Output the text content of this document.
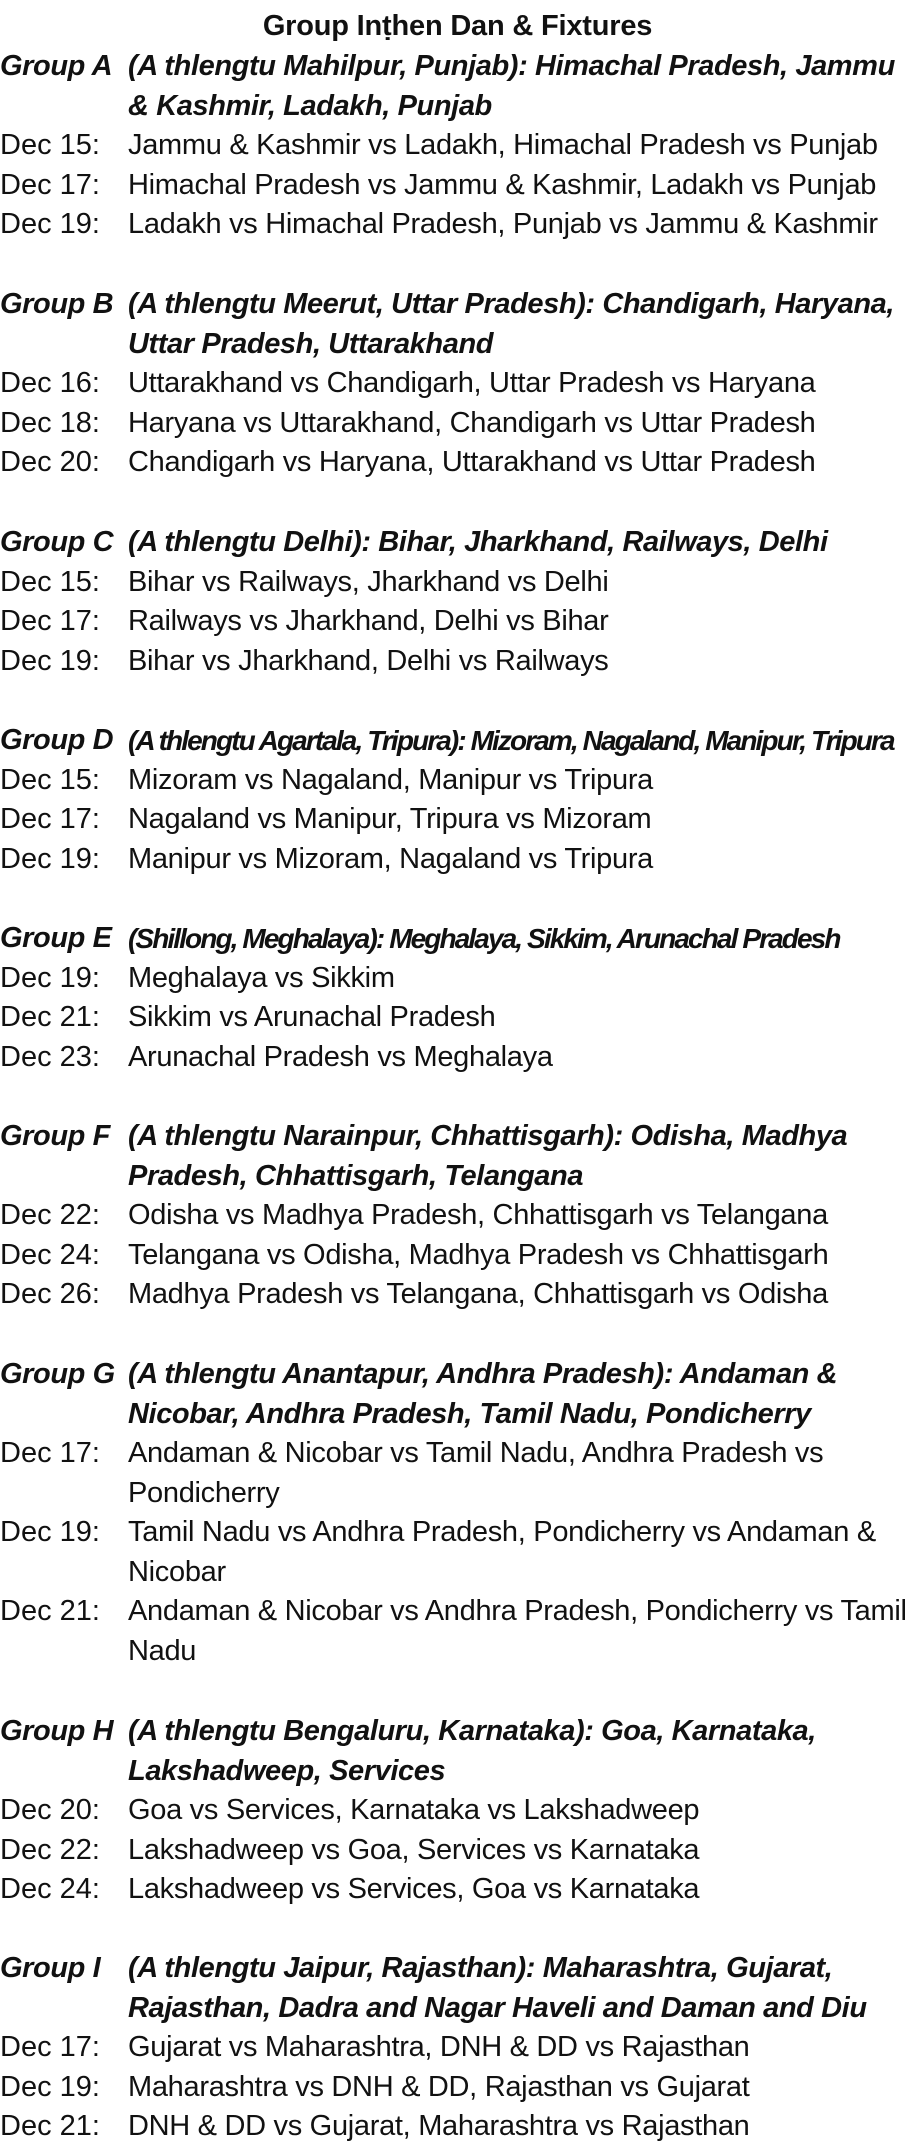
Group Inṭhen Dan & Fixtures
Group A (A thlengtu Mahilpur, Punjab): Himachal Pradesh, Jammu & Kashmir, Ladakh, Punjab
Dec 15: Jammu & Kashmir vs Ladakh, Himachal Pradesh vs Punjab
Dec 17: Himachal Pradesh vs Jammu & Kashmir, Ladakh vs Punjab
Dec 19: Ladakh vs Himachal Pradesh, Punjab vs Jammu & Kashmir
Group B (A thlengtu Meerut, Uttar Pradesh): Chandigarh, Haryana, Uttar Pradesh, Uttarakhand
Dec 16: Uttarakhand vs Chandigarh, Uttar Pradesh vs Haryana
Dec 18: Haryana vs Uttarakhand, Chandigarh vs Uttar Pradesh
Dec 20: Chandigarh vs Haryana, Uttarakhand vs Uttar Pradesh
Group C (A thlengtu Delhi): Bihar, Jharkhand, Railways, Delhi
Dec 15: Bihar vs Railways, Jharkhand vs Delhi
Dec 17: Railways vs Jharkhand, Delhi vs Bihar
Dec 19: Bihar vs Jharkhand, Delhi vs Railways
Group D (A thlengtu Agartala, Tripura): Mizoram, Nagaland, Manipur, Tripura
Dec 15: Mizoram vs Nagaland, Manipur vs Tripura
Dec 17: Nagaland vs Manipur, Tripura vs Mizoram
Dec 19: Manipur vs Mizoram, Nagaland vs Tripura
Group E (Shillong, Meghalaya): Meghalaya, Sikkim, Arunachal Pradesh
Dec 19: Meghalaya vs Sikkim
Dec 21: Sikkim vs Arunachal Pradesh
Dec 23: Arunachal Pradesh vs Meghalaya
Group F (A thlengtu Narainpur, Chhattisgarh): Odisha, Madhya Pradesh, Chhattisgarh, Telangana
Dec 22: Odisha vs Madhya Pradesh, Chhattisgarh vs Telangana
Dec 24: Telangana vs Odisha, Madhya Pradesh vs Chhattisgarh
Dec 26: Madhya Pradesh vs Telangana, Chhattisgarh vs Odisha
Group G (A thlengtu Anantapur, Andhra Pradesh): Andaman & Nicobar, Andhra Pradesh, Tamil Nadu, Pondicherry
Dec 17: Andaman & Nicobar vs Tamil Nadu, Andhra Pradesh vs Pondicherry
Dec 19: Tamil Nadu vs Andhra Pradesh, Pondicherry vs Andaman & Nicobar
Dec 21: Andaman & Nicobar vs Andhra Pradesh, Pondicherry vs Tamil Nadu
Group H (A thlengtu Bengaluru, Karnataka): Goa, Karnataka, Lakshadweep, Services
Dec 20: Goa vs Services, Karnataka vs Lakshadweep
Dec 22: Lakshadweep vs Goa, Services vs Karnataka
Dec 24: Lakshadweep vs Services, Goa vs Karnataka
Group I (A thlengtu Jaipur, Rajasthan): Maharashtra, Gujarat, Rajasthan, Dadra and Nagar Haveli and Daman and Diu
Dec 17: Gujarat vs Maharashtra, DNH & DD vs Rajasthan
Dec 19: Maharashtra vs DNH & DD, Rajasthan vs Gujarat
Dec 21: DNH & DD vs Gujarat, Maharashtra vs Rajasthan
